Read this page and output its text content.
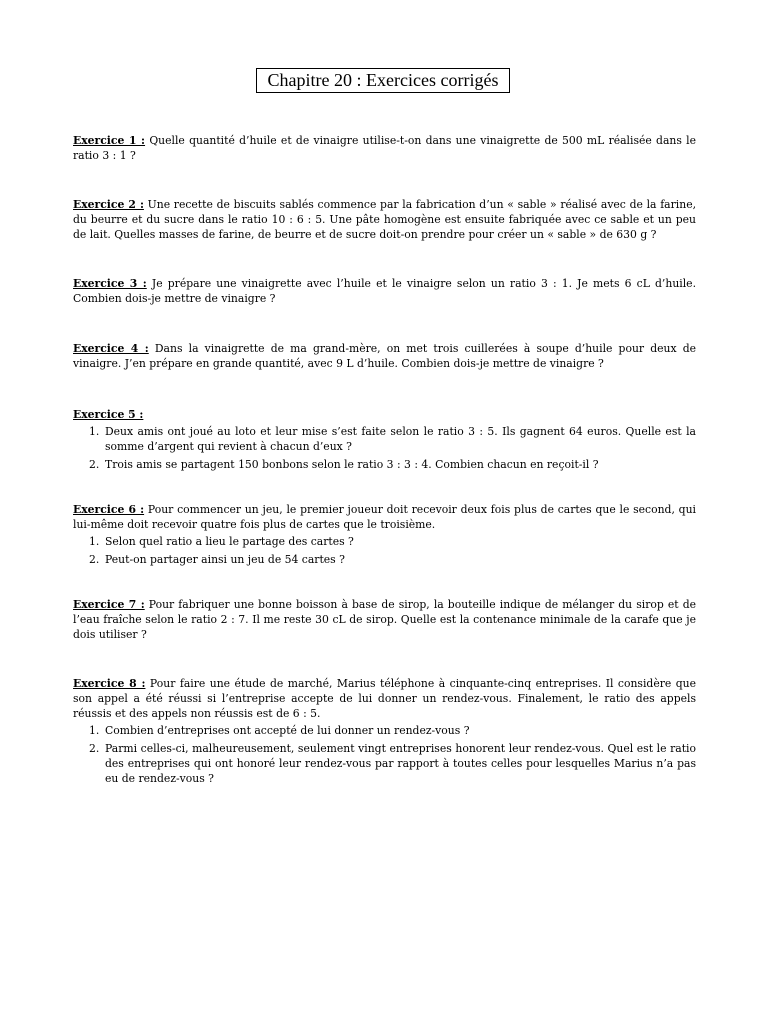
Chapitre 20 : Exercices corrigés

Exercice 1 : Quelle quantité d’huile et de vinaigre utilise-t-on dans une vinaigrette de 500 mL réalisée dans le ratio 3 : 1 ?

Exercice 2 : Une recette de biscuits sablés commence par la fabrication d’un « sable » réalisé avec de la farine, du beurre et du sucre dans le ratio 10 : 6 : 5. Une pâte homogène est ensuite fabriquée avec ce sable et un peu de lait. Quelles masses de farine, de beurre et de sucre doit-on prendre pour créer un « sable » de 630 g ?

Exercice 3 : Je prépare une vinaigrette avec l’huile et le vinaigre selon un ratio 3 : 1. Je mets 6 cL d’huile. Combien dois-je mettre de vinaigre ?

Exercice 4 : Dans la vinaigrette de ma grand-mère, on met trois cuillerées à soupe d’huile pour deux de vinaigre. J’en prépare en grande quantité, avec 9 L d’huile. Combien dois-je mettre de vinaigre ?

Exercice 5 :

1. Deux amis ont joué au loto et leur mise s’est faite selon le ratio 3 : 5. Ils gagnent 64 euros. Quelle est la somme d’argent qui revient à chacun d’eux ?
2. Trois amis se partagent 150 bonbons selon le ratio 3 : 3 : 4. Combien chacun en reçoit-il ?

Exercice 6 : Pour commencer un jeu, le premier joueur doit recevoir deux fois plus de cartes que le second, qui lui-même doit recevoir quatre fois plus de cartes que le troisième.

1. Selon quel ratio a lieu le partage des cartes ?
2. Peut-on partager ainsi un jeu de 54 cartes ?

Exercice 7 : Pour fabriquer une bonne boisson à base de sirop, la bouteille indique de mélanger du sirop et de l’eau fraîche selon le ratio 2 : 7. Il me reste 30 cL de sirop. Quelle est la contenance minimale de la carafe que je dois utiliser ?

Exercice 8 : Pour faire une étude de marché, Marius téléphone à cinquante-cinq entreprises. Il considère que son appel a été réussi si l’entreprise accepte de lui donner un rendez-vous. Finalement, le ratio des appels réussis et des appels non réussis est de 6 : 5.

1. Combien d’entreprises ont accepté de lui donner un rendez-vous ?
2. Parmi celles-ci, malheureusement, seulement vingt entreprises honorent leur rendez-vous. Quel est le ratio des entreprises qui ont honoré leur rendez-vous par rapport à toutes celles pour lesquelles Marius n’a pas eu de rendez-vous ?
